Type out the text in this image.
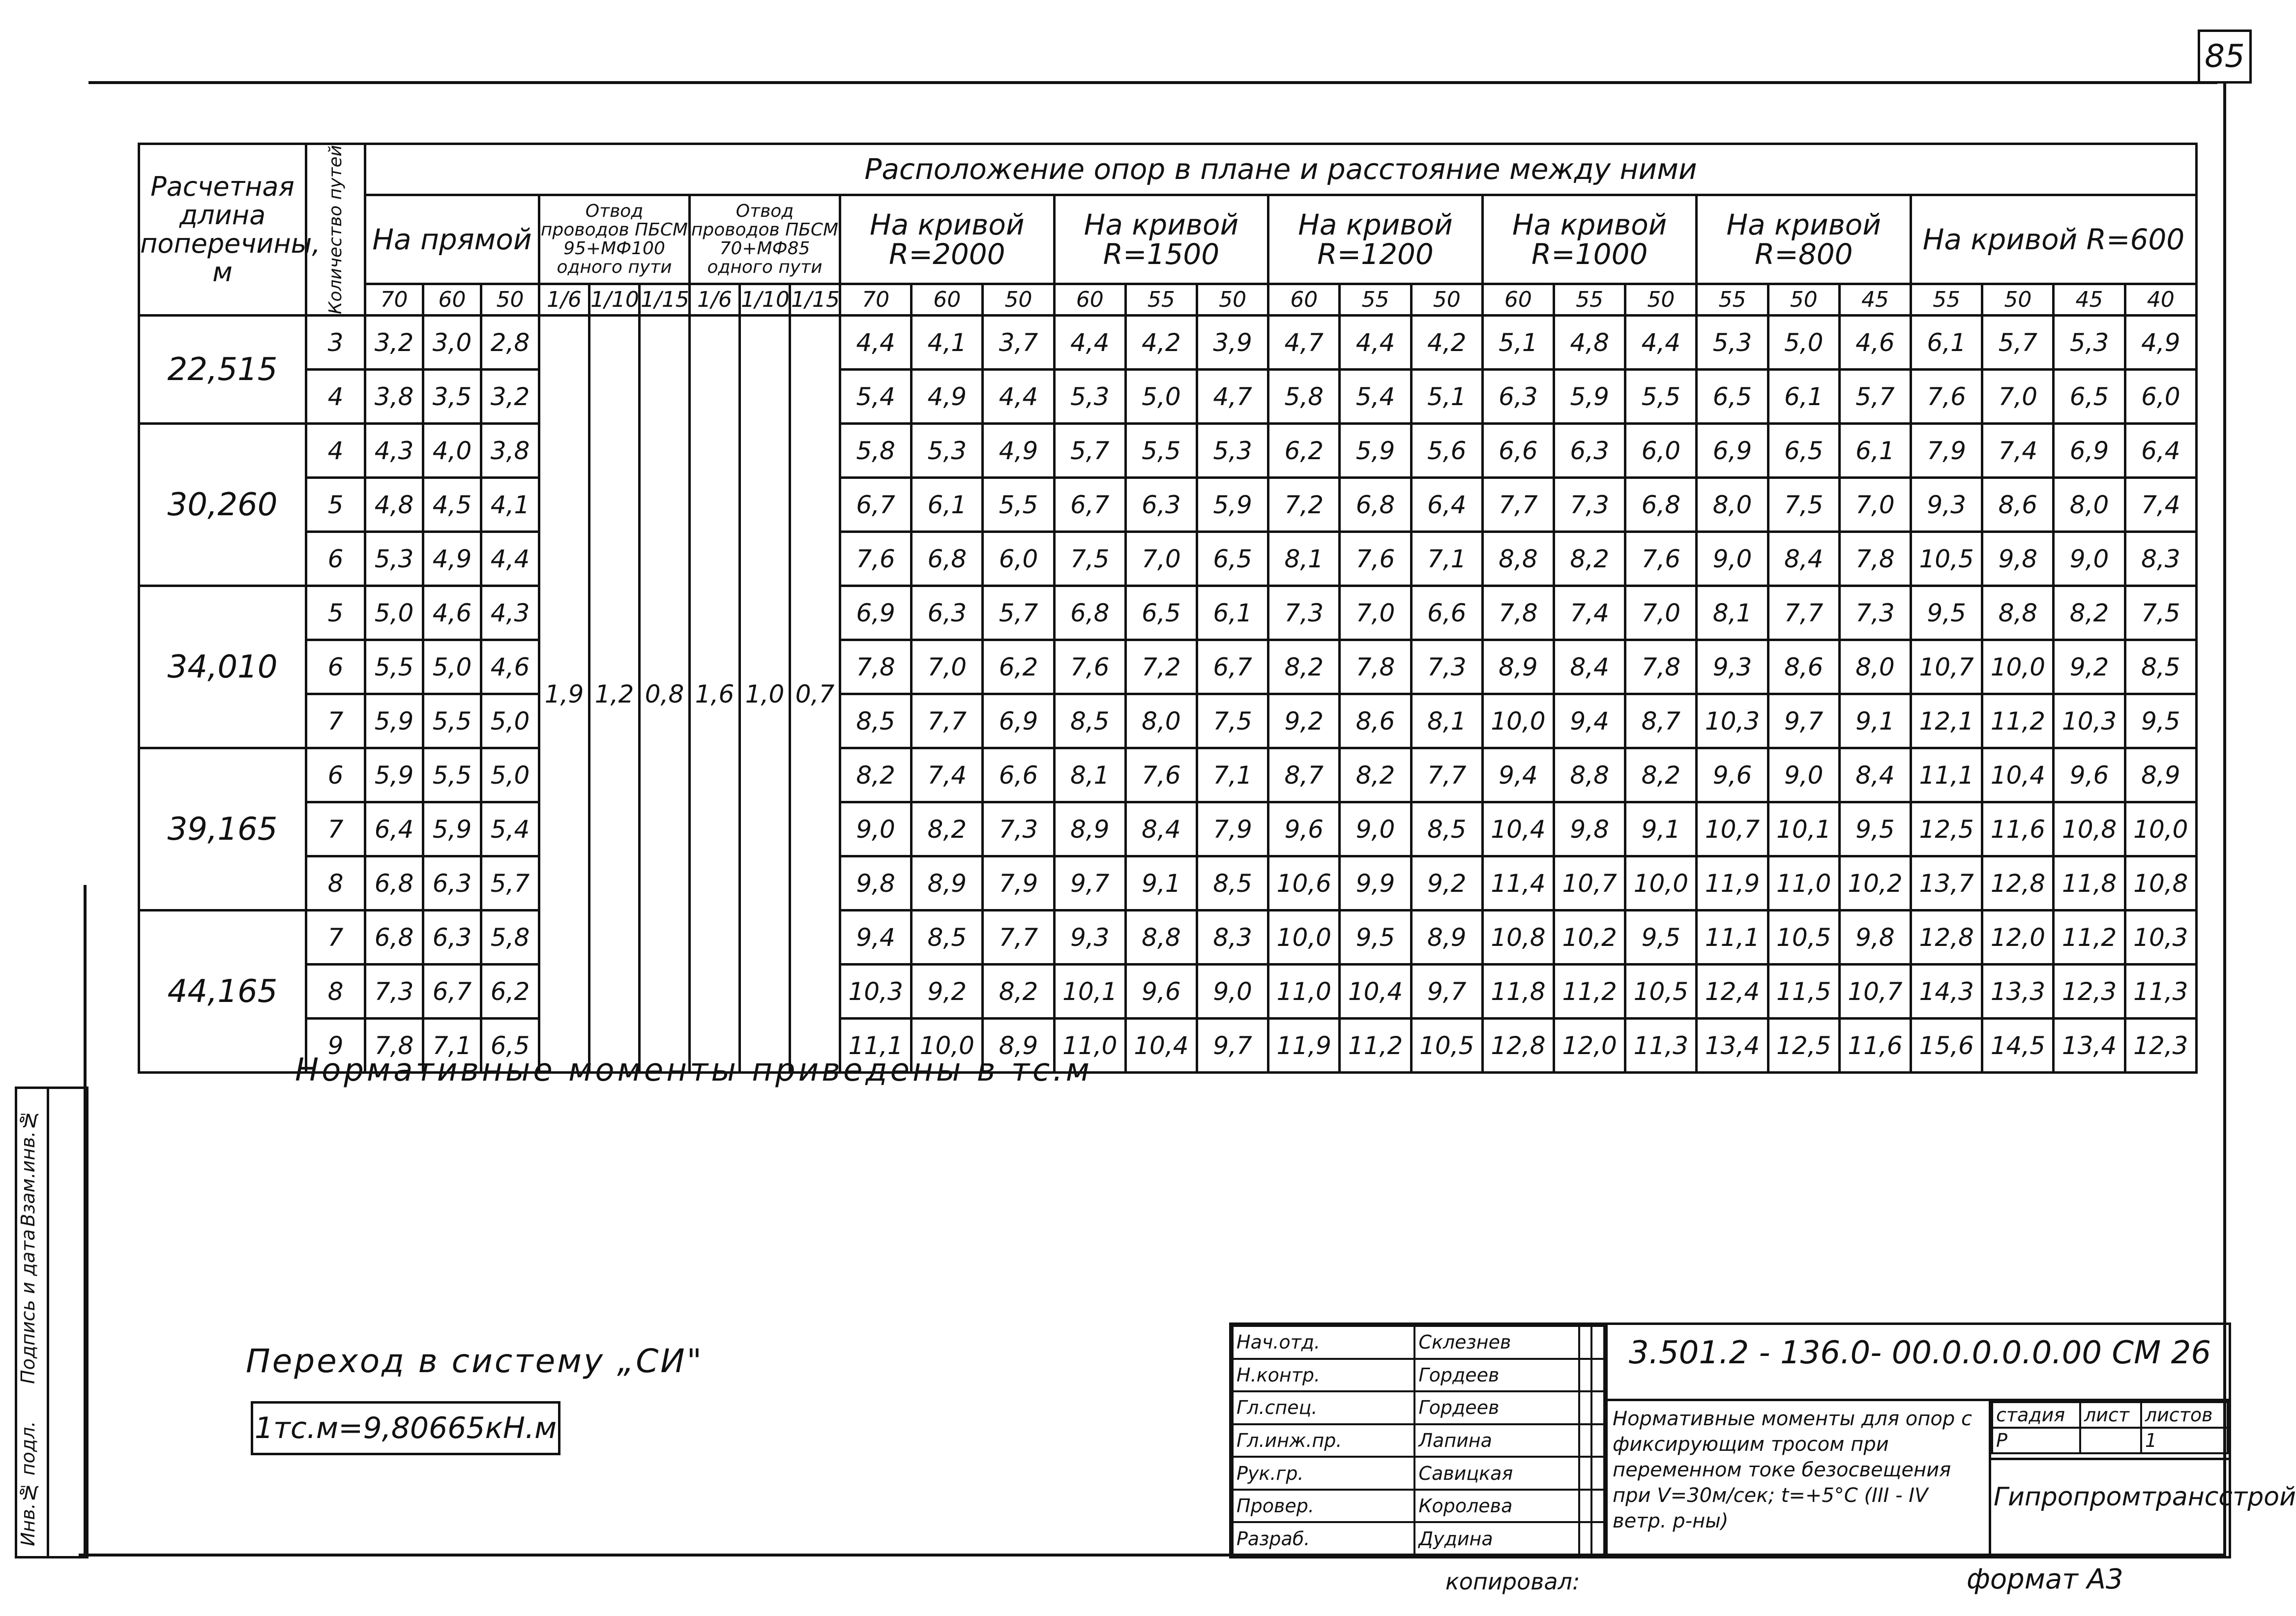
85
Инв.№ подл.
Подпись и дата
Взам.инв.№
Расчетная длина поперечины, м	Количество путей	Расположение опор в плане и расстояние между ними																											
		На прямой			Отвод проводов ПБСМ 95+МФ100 одного пути			Отвод проводов ПБСМ 70+МФ85 одного пути			На кривой R=2000			На кривой R=1500			На кривой R=1200			На кривой R=1000			На кривой R=800			На кривой R=600			
		70	60	50	1/6	1/10	1/15	1/6	1/10	1/15	70	60	50	60	55	50	60	55	50	60	55	50	55	50	45	55	50	45	40
22,515	3	3,2	3,0	2,8	1,9	1,2	0,8	1,6	1,0	0,7	4,4	4,1	3,7	4,4	4,2	3,9	4,7	4,4	4,2	5,1	4,8	4,4	5,3	5,0	4,6	6,1	5,7	5,3	4,9
	4	3,8	3,5	3,2							5,4	4,9	4,4	5,3	5,0	4,7	5,8	5,4	5,1	6,3	5,9	5,5	6,5	6,1	5,7	7,6	7,0	6,5	6,0
30,260	4	4,3	4,0	3,8							5,8	5,3	4,9	5,7	5,5	5,3	6,2	5,9	5,6	6,6	6,3	6,0	6,9	6,5	6,1	7,9	7,4	6,9	6,4
	5	4,8	4,5	4,1							6,7	6,1	5,5	6,7	6,3	5,9	7,2	6,8	6,4	7,7	7,3	6,8	8,0	7,5	7,0	9,3	8,6	8,0	7,4
	6	5,3	4,9	4,4							7,6	6,8	6,0	7,5	7,0	6,5	8,1	7,6	7,1	8,8	8,2	7,6	9,0	8,4	7,8	10,5	9,8	9,0	8,3
34,010	5	5,0	4,6	4,3							6,9	6,3	5,7	6,8	6,5	6,1	7,3	7,0	6,6	7,8	7,4	7,0	8,1	7,7	7,3	9,5	8,8	8,2	7,5
	6	5,5	5,0	4,6							7,8	7,0	6,2	7,6	7,2	6,7	8,2	7,8	7,3	8,9	8,4	7,8	9,3	8,6	8,0	10,7	10,0	9,2	8,5
	7	5,9	5,5	5,0							8,5	7,7	6,9	8,5	8,0	7,5	9,2	8,6	8,1	10,0	9,4	8,7	10,3	9,7	9,1	12,1	11,2	10,3	9,5
39,165	6	5,9	5,5	5,0							8,2	7,4	6,6	8,1	7,6	7,1	8,7	8,2	7,7	9,4	8,8	8,2	9,6	9,0	8,4	11,1	10,4	9,6	8,9
	7	6,4	5,9	5,4							9,0	8,2	7,3	8,9	8,4	7,9	9,6	9,0	8,5	10,4	9,8	9,1	10,7	10,1	9,5	12,5	11,6	10,8	10,0
	8	6,8	6,3	5,7							9,8	8,9	7,9	9,7	9,1	8,5	10,6	9,9	9,2	11,4	10,7	10,0	11,9	11,0	10,2	13,7	12,8	11,8	10,8
44,165	7	6,8	6,3	5,8							9,4	8,5	7,7	9,3	8,8	8,3	10,0	9,5	8,9	10,8	10,2	9,5	11,1	10,5	9,8	12,8	12,0	11,2	10,3
	8	7,3	6,7	6,2							10,3	9,2	8,2	10,1	9,6	9,0	11,0	10,4	9,7	11,8	11,2	10,5	12,4	11,5	10,7	14,3	13,3	12,3	11,3
	9	7,8	7,1	6,5							11,1	10,0	8,9	11,0	10,4	9,7	11,9	11,2	10,5	12,8	12,0	11,3	13,4	12,5	11,6	15,6	14,5	13,4	12,3
Нормативные моменты приведены в тс.м
Переход в систему „СИ"
1тс.м=9,80665кН.м
Нач.отд.	Склезнев		
Н.контр.	Гордеев		
Гл.спец.	Гордеев		
Гл.инж.пр.	Лапина		
Рук.гр.	Савицкая		
Провер.	Королева		
Разраб.	Дудина		
3.501.2 - 136.0- 00.0.0.0.0.00 СМ 26
Нормативные моменты для опор с фиксирующим тросом при переменном токе безосвещения при V=30м/сек; t=+5°С (III - IV ветр. р-ны)
стадия	лист	листов
Р		1
Гипропромтрансстрой
копировал:	формат А3
